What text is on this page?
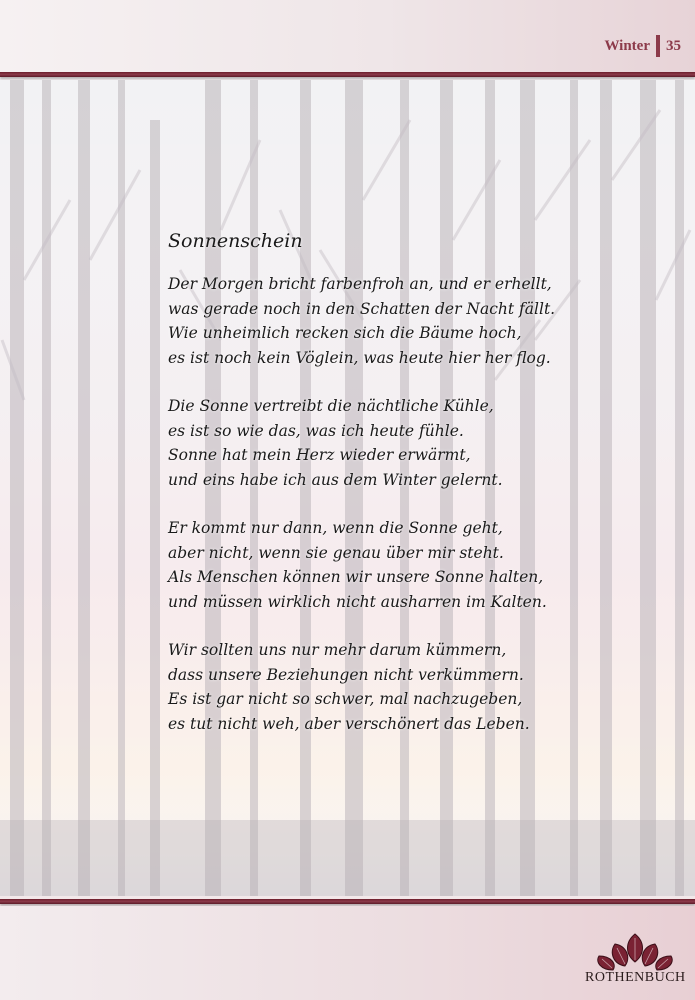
Winter 35
Sonnenschein
Der Morgen bricht farbenfroh an, und er erhellt,
was gerade noch in den Schatten der Nacht fällt.
Wie unheimlich recken sich die Bäume hoch,
es ist noch kein Vöglein, was heute hier her flog.
Die Sonne vertreibt die nächtliche Kühle,
es ist so wie das, was ich heute fühle.
Sonne hat mein Herz wieder erwärmt,
und eins habe ich aus dem Winter gelernt.
Er kommt nur dann, wenn die Sonne geht,
aber nicht, wenn sie genau über mir steht.
Als Menschen können wir unsere Sonne halten,
und müssen wirklich nicht ausharren im Kalten.
Wir sollten uns nur mehr darum kümmern,
dass unsere Beziehungen nicht verkümmern.
Es ist gar nicht so schwer, mal nachzugeben,
es tut nicht weh, aber verschönert das Leben.
ROTHENBUCH
